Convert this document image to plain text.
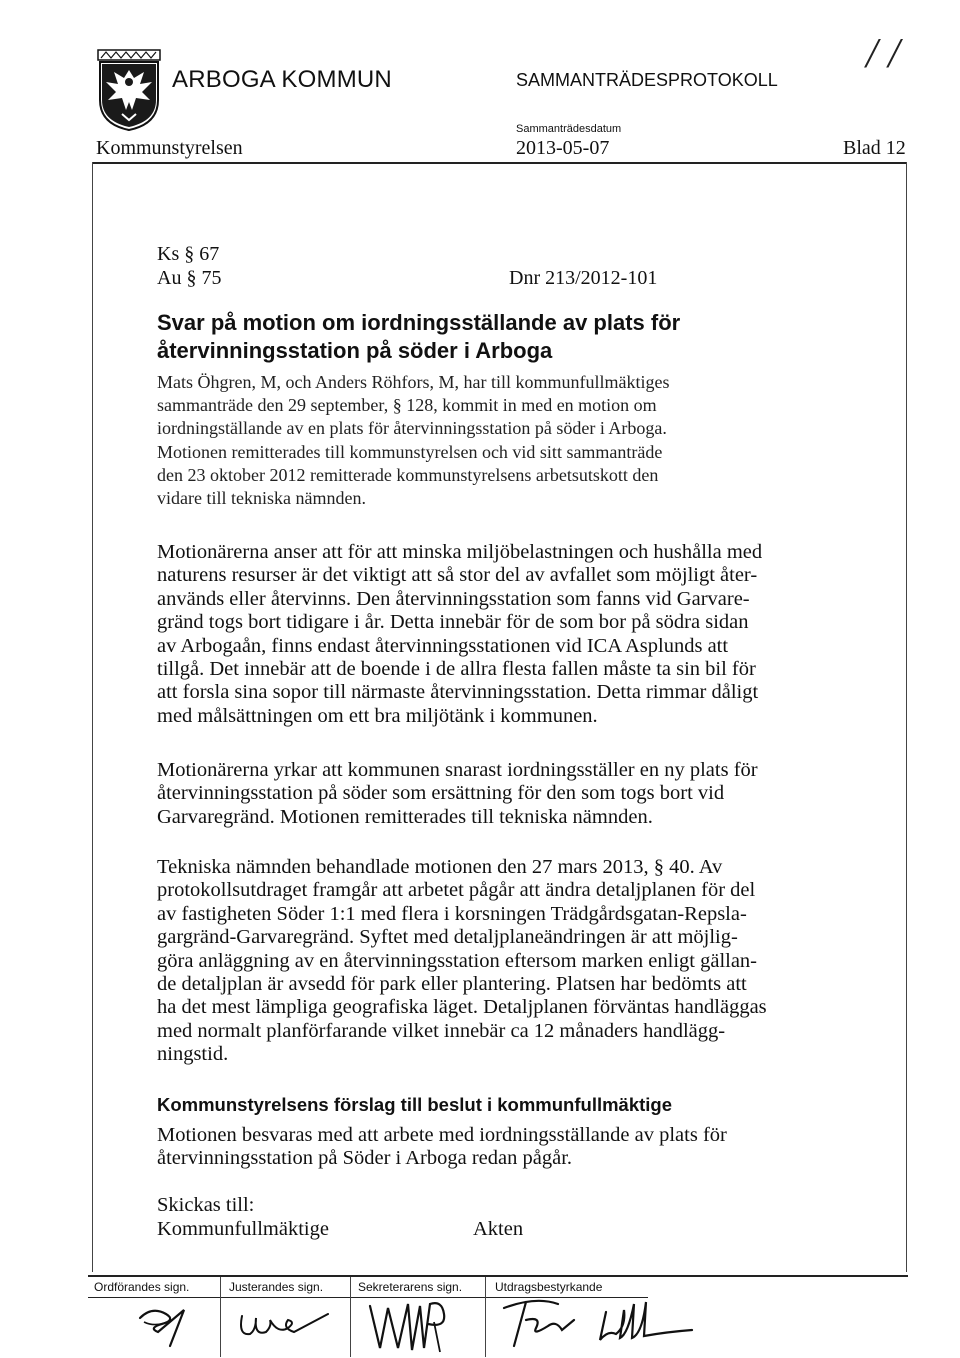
ARBOGA KOMMUN	SAMMANTRÄDESPROTOKOLL
Sammanträdesdatum
Kommunstyrelsen	2013-05-07	Blad 12
/ /
Ks § 67
Au § 75	Dnr 213/2012-101
Svar på motion om iordningsställande av plats för
återvinningsstation på söder i Arboga
Mats Öhgren, M, och Anders Röhfors, M, har till kommunfullmäktiges
sammanträde den 29 september, § 128, kommit in med en motion om
iordningställande av en plats för återvinningsstation på söder i Arboga.
Motionen remitterades till kommunstyrelsen och vid sitt sammanträde
den 23 oktober 2012 remitterade kommunstyrelsens arbetsutskott den
vidare till tekniska nämnden.
Motionärerna anser att för att minska miljöbelastningen och hushålla med
naturens resurser är det viktigt att så stor del av avfallet som möjligt åter-
används eller återvinns. Den återvinningsstation som fanns vid Garvare-
gränd togs bort tidigare i år. Detta innebär för de som bor på södra sidan
av Arbogaån, finns endast återvinningsstationen vid ICA Asplunds att
tillgå. Det innebär att de boende i de allra flesta fallen måste ta sin bil för
att forsla sina sopor till närmaste återvinningsstation. Detta rimmar dåligt
med målsättningen om ett bra miljötänk i kommunen.
Motionärerna yrkar att kommunen snarast iordningsställer en ny plats för
återvinningsstation på söder som ersättning för den som togs bort vid
Garvaregränd. Motionen remitterades till tekniska nämnden.
Tekniska nämnden behandlade motionen den 27 mars 2013, § 40. Av
protokollsutdraget framgår att arbetet pågår att ändra detaljplanen för del
av fastigheten Söder 1:1 med flera i korsningen Trädgårdsgatan-Repsla-
gargränd-Garvaregränd. Syftet med detaljplaneändringen är att möjlig-
göra anläggning av en återvinningsstation eftersom marken enligt gällan-
de detaljplan är avsedd för park eller plantering. Platsen har bedömts att
ha det mest lämpliga geografiska läget. Detaljplanen förväntas handläggas
med normalt planförfarande vilket innebär ca 12 månaders handlägg-
ningstid.
Kommunstyrelsens förslag till beslut i kommunfullmäktige
Motionen besvaras med att arbete med iordningsställande av plats för
återvinningsstation på Söder i Arboga redan pågår.
Skickas till:
Kommunfullmäktige	Akten
Ordförandes sign.	Justerandes sign.	Sekreterarens sign.	Utdragsbestyrkande
